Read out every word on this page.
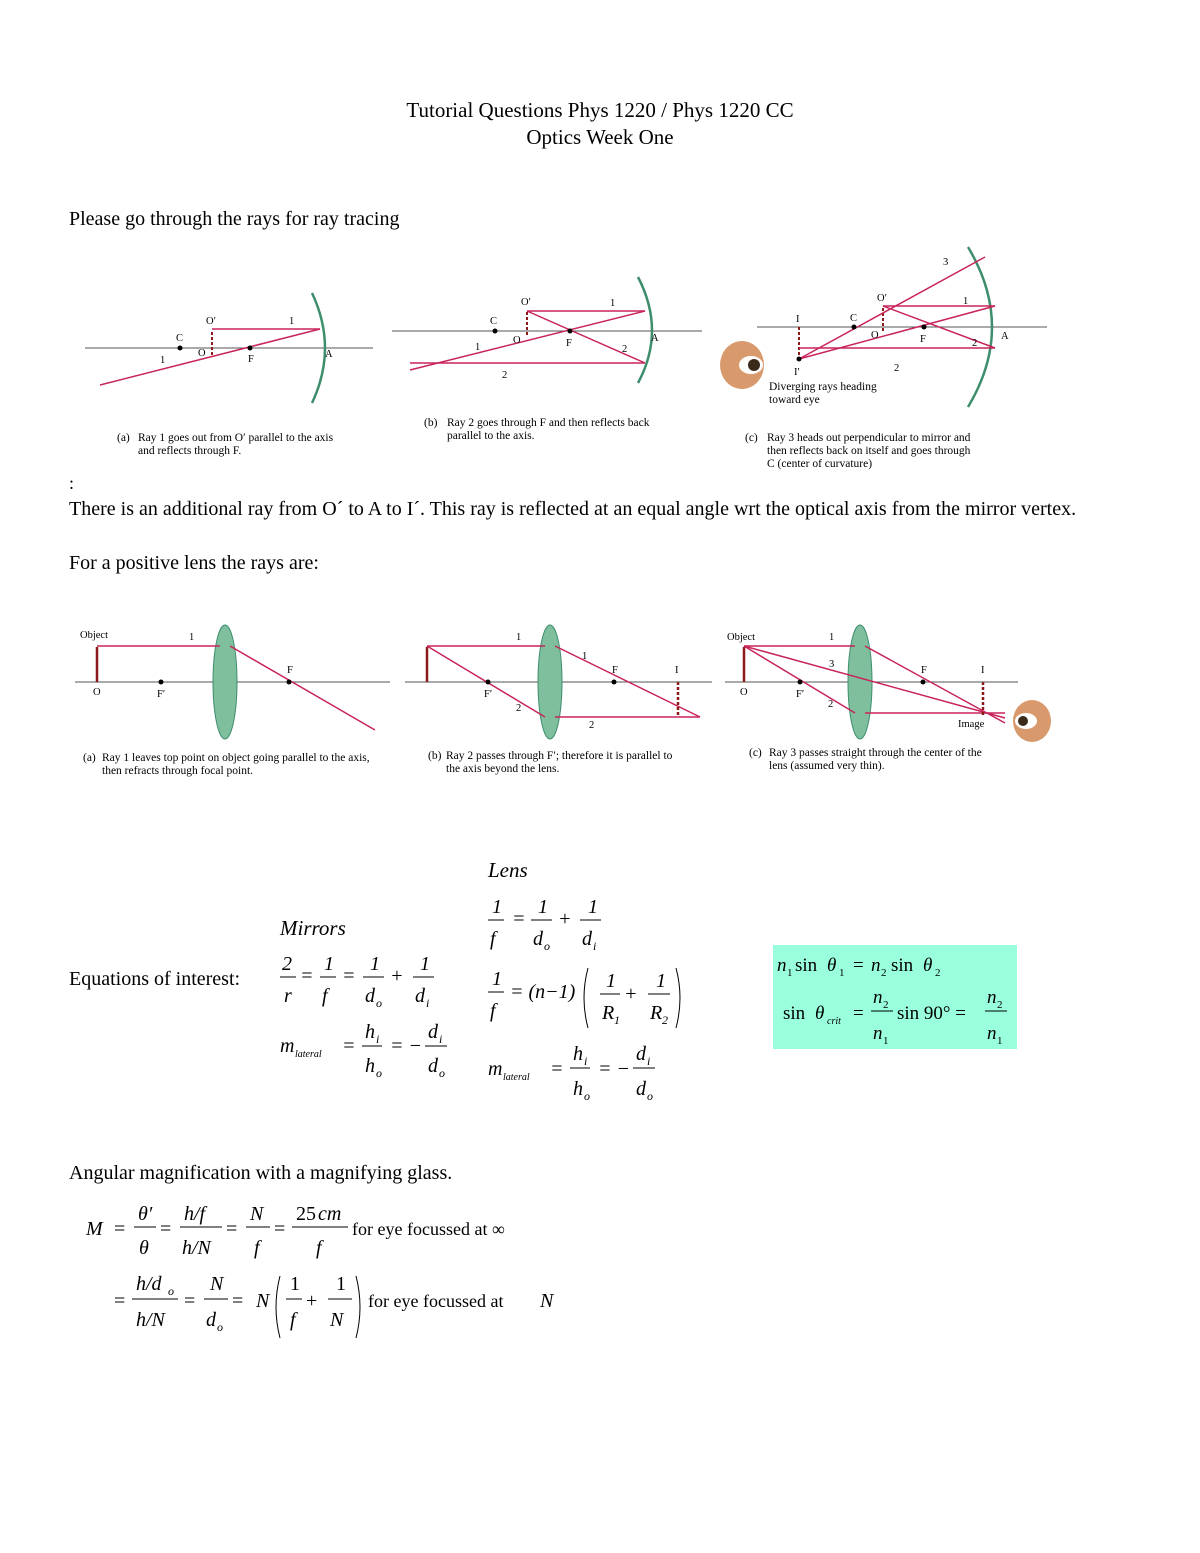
Tutorial Questions Phys 1220 / Phys 1220 CC
Optics Week One
Please go through the rays for ray tracing
O′
C
O
F	A
1
1
(a) Ray 1 goes out from O′ parallel to the axis
and reflects through F.
O′
C
O	F	A
1
1	2
2
(b) Ray 2 goes through F and then reflects back
parallel to the axis.
O′
C
O	F	A
I
I′
1
2
2
3
Diverging rays heading
toward eye
(c) Ray 3 heads out perpendicular to mirror and
then reflects back on itself and goes through
C (center of curvature)
:
There is an additional ray from O´ to A to I´. This ray is reflected at an equal angle wrt the optical axis from the mirror vertex.
For a positive lens the rays are:
Object
O	F′
F
1
(a) Ray 1 leaves top point on object going parallel to the axis,
then refracts through focal point.
F′
F	I
1
1
2
2
(b) Ray 2 passes through F′; therefore it is parallel to
the axis beyond the lens.
Object
O	F′
F	I
Image
1
2
3
(c) Ray 3 passes straight through the center of the
lens (assumed very thin).
Lens
Mirrors
Equations of interest:
1
f
=
1
d o
+
1
d i
2
r
=
1
f
=
1
d o
+
1
d i
1
f
= (n−1) 1
R 1
+
1
R 2
m lateral =
h i
h o
= −
d i
d o m lateral =
h i
h o
= −
d i
d o
n 1 sin θ 1 = n 2 sin θ 2
sin θ crit =
n 2
n 1
sin 90° =
n 2
n 1
Angular magnification with a magnifying glass.
M =
θ′
θ
=
h/f
h/N
=
N
f
=
25 cm
f
for eye focussed at ∞
=
h/d o
h/N
=
N
d o
= N
1
f
+
1
N
for eye focussed at N
